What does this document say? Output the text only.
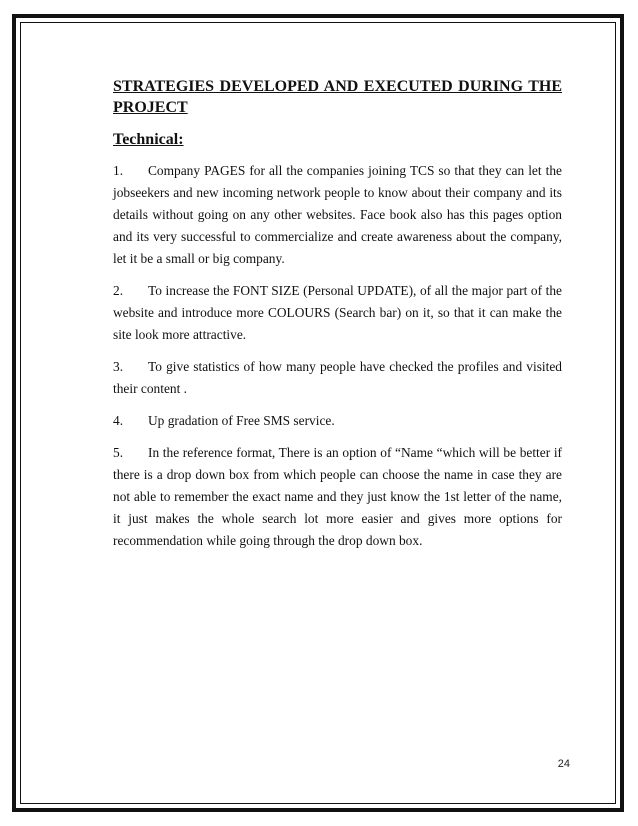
STRATEGIES DEVELOPED AND EXECUTED DURING THE PROJECT
Technical:

1. Company PAGES for all the companies joining TCS so that they can let the jobseekers and new incoming network people to know about their company and its details without going on any other websites. Face book also has this pages option and its very successful to commercialize and create awareness about the company, let it be a small or big company.

2. To increase the FONT SIZE (Personal UPDATE), of all the major part of the website and introduce more COLOURS (Search bar) on it, so that it can make the site look more attractive.

3. To give statistics of how many people have checked the profiles and visited their content .

4. Up gradation of Free SMS service.

5. In the reference format, There is an option of “Name “which will be better if there is a drop down box from which people can choose the name in case they are not able to remember the exact name and they just know the 1st letter of the name, it just makes the whole search lot more easier and gives more options for recommendation while going through the drop down box.

24
